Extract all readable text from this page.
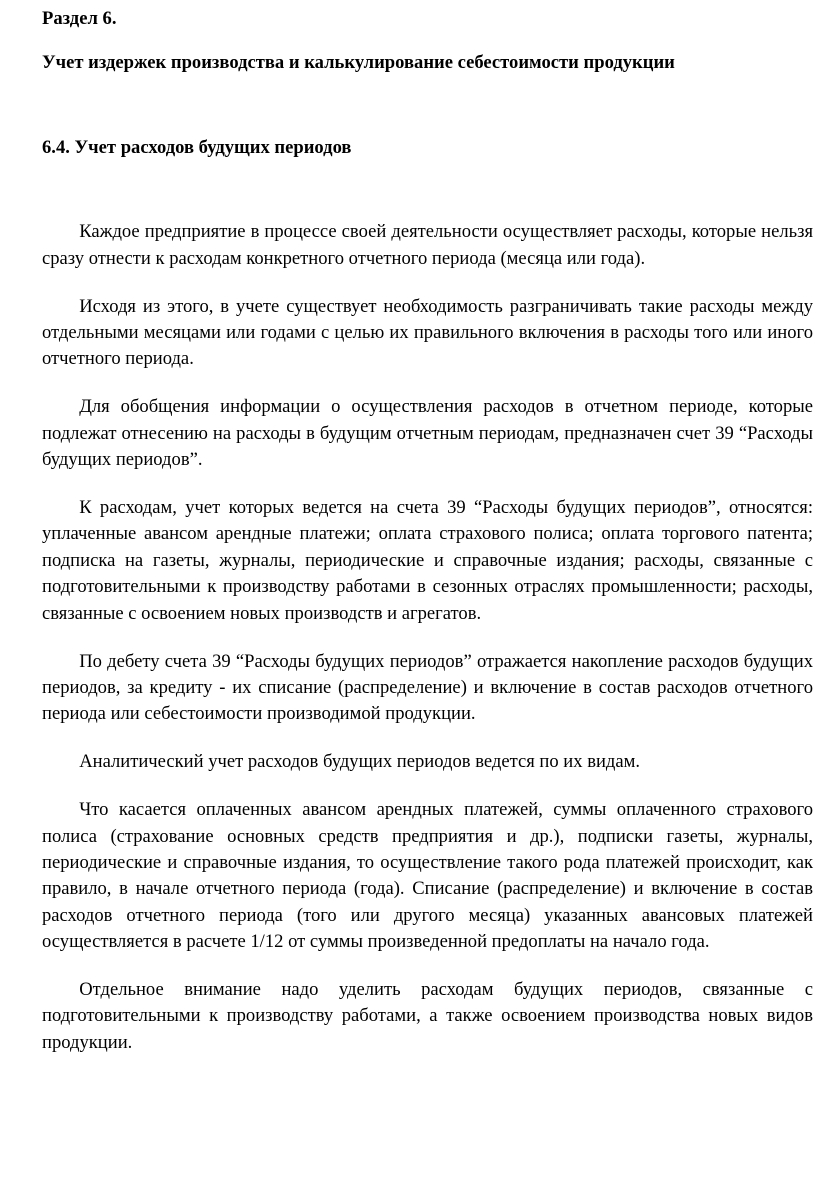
Раздел 6.

Учет издержек производства и калькулирование себестоимости продукции

6.4. Учет расходов будущих периодов

Каждое предприятие в процессе своей деятельности осуществляет расходы, которые нельзя сразу отнести к расходам конкретного отчетного периода (месяца или года).

Исходя из этого, в учете существует необходимость разграничивать такие расходы между отдельными месяцами или годами с целью их правильного включения в расходы того или иного отчетного периода.

Для обобщения информации о осуществления расходов в отчетном периоде, которые подлежат отнесению на расходы в будущим отчетным периодам, предназначен счет 39 “Расходы будущих периодов”.

К расходам, учет которых ведется на счета 39 “Расходы будущих периодов”, относятся: уплаченные авансом арендные платежи; оплата страхового полиса; оплата торгового патента; подписка на газеты, журналы, периодические и справочные издания; расходы, связанные с подготовительными к производству работами в сезонных отраслях промышленности; расходы, связанные с освоением новых производств и агрегатов.

По дебету счета 39 “Расходы будущих периодов” отражается накопление расходов будущих периодов, за кредиту - их списание (распределение) и включение в состав расходов отчетного периода или себестоимости производимой продукции.

Аналитический учет расходов будущих периодов ведется по их видам.

Что касается оплаченных авансом арендных платежей, суммы оплаченного страхового полиса (страхование основных средств предприятия и др.), подписки газеты, журналы, периодические и справочные издания, то осуществление такого рода платежей происходит, как правило, в начале отчетного периода (года). Списание (распределение) и включение в состав расходов отчетного периода (того или другого месяца) указанных авансовых платежей осуществляется в расчете 1/12 от суммы произведенной предоплаты на начало года.

Отдельное внимание надо уделить расходам будущих периодов, связанные с подготовительными к производству работами, а также освоением производства новых видов продукции.
